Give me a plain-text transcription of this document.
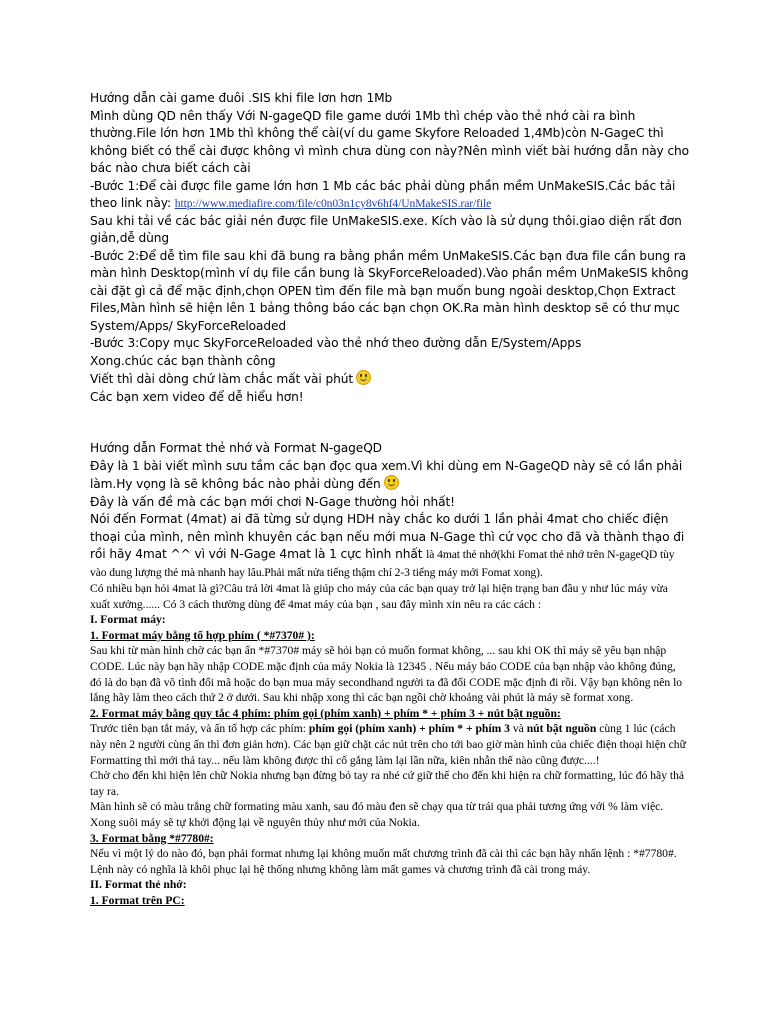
Hướng dẫn cài game đuôi .SIS khi file lơn hơn 1Mb

Mình dùng QD nên thấy Với N-gageQD file game dưới 1Mb thì chép vào thẻ nhớ cài ra bình thường.File lớn hơn 1Mb thì không thể cài(ví du game Skyfore Reloaded 1,4Mb)còn N-GageC thì không biết có thể cài được không vì mình chưa dùng con này?Nên mình viết bài hướng dẫn này cho bác nào chưa biết cách cài

-Bước 1:Để cài được file game lớn hơn 1 Mb các bác phải dùng phần mềm UnMakeSIS.Các bác tải theo link này: http://www.mediafire.com/file/c0n03n1cy8v6hf4/UnMakeSIS.rar/file

Sau khi tải về các bác giải nén được file UnMakeSIS.exe. Kích vào là sử dụng thôi.giao diện rất đơn giản,dễ dùng

-Bước 2:Để dễ tìm file sau khi đã bung ra bằng phần mềm UnMakeSIS.Các bạn đưa file cần bung ra màn hình Desktop(mình ví dụ file cần bung là SkyForceReloaded).Vào phần mềm UnMakeSIS không cài đặt gì cả để mặc định,chọn OPEN tìm đến file mà bạn muốn bung ngoài desktop,Chọn Extract Files,Màn hình sẽ hiện lên 1 bảng thông báo các bạn chọn OK.Ra màn hình desktop sẽ có thư mục System/Apps/ SkyForceReloaded

-Bước 3:Copy mục SkyForceReloaded vào thẻ nhớ theo đường dẫn E/System/Apps

Xong.chúc các bạn thành công

Viết thì dài dòng chứ làm chắc mất vài phút

Các bạn xem video để dễ hiểu hơn!

Hướng dẫn Format thẻ nhớ và Format N-gageQD

Đây là 1 bài viết mình sưu tầm các bạn đọc qua xem.Vì khi dùng em N-GageQD này sẽ có lần phải làm.Hy vọng là sẽ không bác nào phải dùng đến

Đây là vấn đề mà các bạn mới chơi N-Gage thường hỏi nhất!

Nói đến Format (4mat) ai đã từng sử dụng HDH này chắc ko dưới 1 lần phải 4mat cho chiếc điện thoại của mình, nên mình khuyên các bạn nếu mới mua N-Gage thì cứ vọc cho đã và thành thạo đi rồi hãy 4mat ^^ vì với N-Gage 4mat là 1 cực hình nhất là 4mat thẻ nhớ(khi Fomat thẻ nhớ trên N-gageQD tùy vào dung lượng thẻ mà nhanh hay lâu.Phải mất nửa tiếng thậm chí 2-3 tiếng máy mới Fomat xong).

Có nhiều bạn hỏi 4mat là gì?Câu trả lời 4mat là giúp cho máy của các bạn quay trở lại hiện trạng ban đầu y như lúc máy vừa xuất xưởng...... Có 3 cách thường dùng để 4mat máy của bạn , sau đây mình xin nêu ra các cách :

I. Format máy:

1. Format máy bằng tổ hợp phím ( *#7370# ):

Sau khi từ màn hình chờ các bạn ấn *#7370# máy sẽ hỏi bạn có muốn format không, ... sau khi OK thì máy sẽ yêu bạn nhập CODE. Lúc này bạn hãy nhập CODE mặc định của máy Nokia là 12345 . Nếu máy báo CODE của bạn nhập vào không đúng, đó là do bạn đã vô tình đổi mã hoặc do bạn mua máy secondhand người ta đã đổi CODE mặc định đi rồi. Vậy bạn không nên lo lắng hãy làm theo cách thứ 2 ở dưới. Sau khi nhập xong thì các bạn ngồi chờ khoảng vài phút là máy sẽ format xong.

2. Format máy bằng quy tắc 4 phím: phím gọi (phím xanh) + phím * + phím 3 + nút bật nguồn:

Trước tiên bạn tắt máy, và ấn tổ hợp các phím: phím gọi (phím xanh) + phím * + phím 3 và nút bật nguồn cùng 1 lúc (cách này nên 2 người cùng ấn thì đơn giản hơn). Các bạn giữ chặt các nút trên cho tới bao giờ màn hình của chiếc điện thoại hiện chữ Formatting thì mới thả tay... nếu làm không được thì cố gắng làm lại lần nữa, kiên nhẫn thế nào cũng được....!

Chờ cho đến khi hiện lên chữ Nokia nhưng bạn đừng bỏ tay ra nhé cứ giữ thế cho đến khi hiện ra chữ formatting, lúc đó hãy thả tay ra.

Màn hình sẽ có màu trắng chữ formating màu xanh, sau đó màu đen sẽ chạy qua từ trái qua phải tương ứng với % làm việc. Xong suôi máy sẽ tự khởi động lại về nguyên thủy như mới của Nokia.

3. Format bằng *#7780#:

Nếu vì một lý do nào đó, bạn phải format nhưng lại không muốn mất chương trình đã cài thì các bạn hãy nhấn lệnh : *#7780#. Lệnh này có nghĩa là khôi phục lại hệ thống nhưng không làm mất games và chương trình đã cài trong máy.

II. Format thẻ nhớ:

1. Format trên PC:
